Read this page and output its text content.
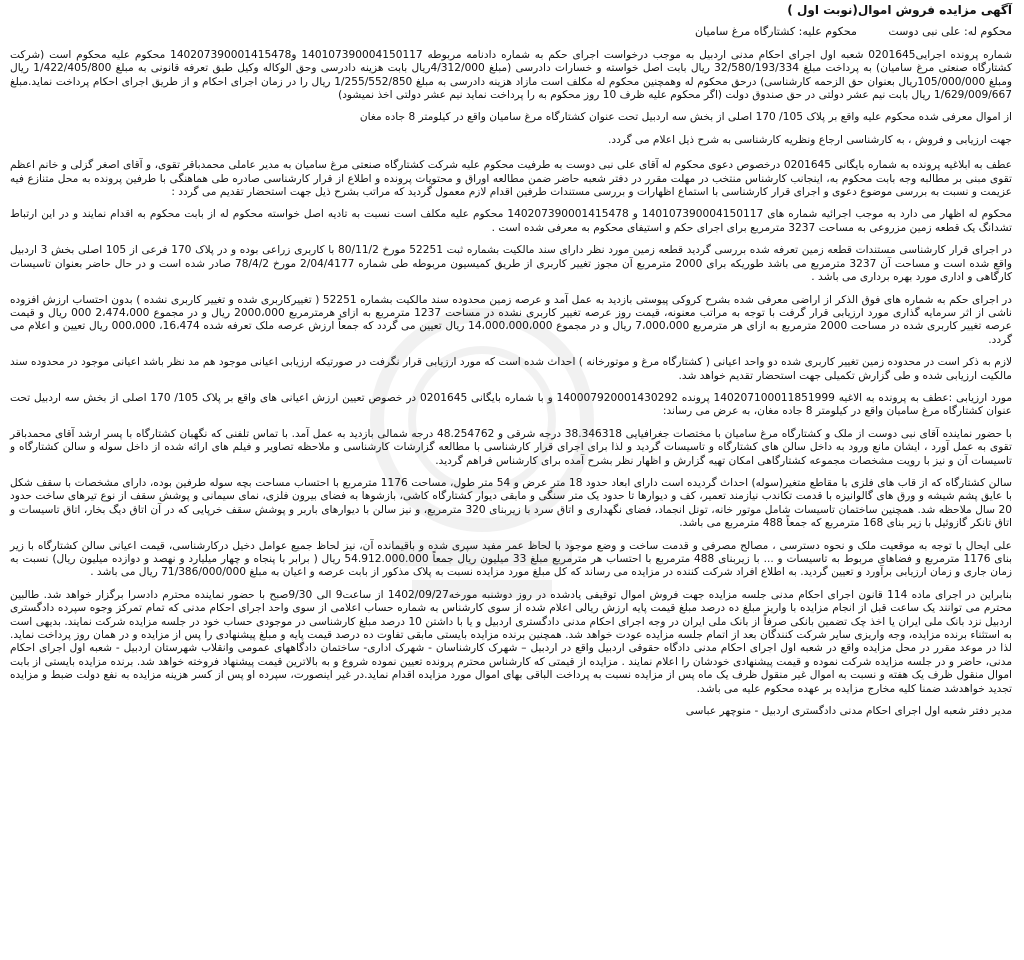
آگهی مزایده فروش اموال(نوبت اول )
محکوم له: علی نبی دوست محکوم علیه: کشتارگاه مرغ سامیان

شماره پرونده اجرایی0201645 شعبه اول اجرای احکام مدنی اردبیل به موجب درخواست اجرای حکم به شماره دادنامه مربوطه 140107390004150117 و140207390001415478 محکوم علیه محکوم است (شرکت کشتارگاه صنعتی مرغ سامیان) به پرداخت مبلغ 32/580/193/334 ریال بابت اصل خواسته و خسارات دادرسی (مبلغ 4/312/000ریال بابت هزینه دادرسی وحق الوکاله وکیل طبق تعرفه قانونی به مبلغ 1/422/405/800 ریال ومبلغ 105/000/000ریال بعنوان حق الزحمه کارشناسی) درحق محکوم له وهمچنین محکوم له مکلف است مازاد هزینه دادرسی به مبلغ 1/255/552/850 ریال را در زمان اجرای احکام و از طریق اجرای احکام پرداخت نماید.مبلغ 1/629/009/667 ریال بابت نیم عشر دولتی در حق صندوق دولت (اگر محکوم علیه ظرف 10 روز محکوم به را پرداخت نماید نیم عشر دولتی اخذ نمیشود)

از اموال معرفی شده محکوم علیه واقع بر پلاک 105/ 170 اصلی از بخش سه اردبیل تحت عنوان کشتارگاه مرغ سامیان واقع در کیلومتر 8 جاده مغان

جهت ارزیابی و فروش ، به کارشناسی ارجاع ونظریه کارشناسی به شرح ذیل اعلام می گردد.

عطف به ابلاغیه پرونده به شماره بایگانی 0201645 درخصوص دعوی محکوم له آقای علی نبی دوست به طرفیت محکوم علیه شرکت کشتارگاه صنعتی مرغ سامیان به مدیر عاملی محمدباقر تقوی، و آقای اصغر گزلی و خانم اعظم تقوی مبنی بر مطالبه وجه بابت محکوم به، اینجانب کارشناس منتخب در مهلت مقرر در دفتر شعبه حاضر ضمن مطالعه اوراق و محتویات پرونده و اطلاع از قرار کارشناسی صادره طی هماهنگی با طرفین پرونده به محل متنازع فیه عزیمت و نسبت به بررسی موضوع دعوی و اجرای قرار کارشناسی با استماع اظهارات و بررسی مستندات طرفین اقدام لازم معمول گردید که مراتب بشرح ذیل جهت استحضار تقدیم می گردد :

محکوم له اظهار می دارد به موجب اجرائیه شماره های 140107390004150117 و 140207390001415478 محکوم علیه مکلف است نسبت به تادیه اصل خواسته محکوم له از بابت محکوم به اقدام نمایند و در این ارتباط تشدانگ یک قطعه زمین مزروعی به مساحت 3237 مترمربع برای اجرای حکم و استیفای محکوم به معرفی شده است .

در اجرای قرار کارشناسی مستندات قطعه زمین تعرفه شده بررسی گردید قطعه زمین مورد نظر دارای سند مالکیت بشماره ثبت 52251 مورخ 80/11/2 با کاربری زراعی بوده و در پلاک 170 فرعی از 105 اصلی بخش 3 اردبیل واقع شده است و مساحت آن 3237 مترمربع می باشد طوریکه برای 2000 مترمربع آن مجوز تغییر کاربری از طریق کمیسیون مربوطه طی شماره 2/04/4177 مورخ 78/4/2 صادر شده است و در حال حاضر بعنوان تاسیسات کارگاهی و اداری مورد بهره برداری می باشد .

در اجرای حکم به شماره های فوق الذکر از اراضی معرفی شده بشرح کروکی پیوستی بازدید به عمل آمد و عرصه زمین محدوده سند مالکیت بشماره 52251 ( تغییرکاربری شده و تغییر کاربری نشده ) بدون احتساب ارزش افزوده ناشی از اثر سرمایه گذاری مورد ارزیابی قرار گرفت با توجه به مراتب معنونه، قیمت روز عرصه تغییر کاربری نشده در مساحت 1237 مترمربع به ازای هرمترمربع 2000،000 ریال و در مجموع 2،474،000 000 ریال و قیمت عرصه تغییر کاربری شده در مساحت 2000 مترمربع به ازای هر مترمربع 7،000،000 ریال و در مجموع 14،000،000،000 ریال تعیین می گردد که جمعاً ارزش عرصه ملک تعرفه شده 16،474، 000،000 ریال تعیین و اعلام می گردد.

لازم به ذکر است در محدوده زمین تغییر کاربری شده دو واحد اعیانی ( کشتارگاه مرغ و موتورخانه ) احداث شده است که مورد ارزیابی قرار نگرفت در صورتیکه ارزیابی اعیانی موجود هم مد نظر باشد اعیانی موجود در محدوده سند مالکیت ارزیابی شده و طی گزارش تکمیلی جهت استحضار تقدیم خواهد شد.

مورد ارزیابی :عطف به پرونده به الاغیه 140207100011851999 پرونده 140007920001430292 و با شماره بایگانی 0201645 در خصوص تعیین ارزش اعیانی های واقع بر پلاک 105/ 170 اصلی از بخش سه اردبیل تحت عنوان کشتارگاه مرغ سامیان واقع در کیلومتر 8 جاده مغان، به عرض می رساند:

با حضور نماینده آقای نبی دوست از ملک و کشتارگاه مرغ سامیان با مختصات جغرافیایی 38.346318 درجه شرقی و 48.254762 درجه شمالی بازدید به عمل آمد. با تماس تلفنی که نگهبان کشتارگاه با پسر ارشد آقای محمدباقر تقوی به عمل آورد ، ایشان مانع ورود به داخل سالن های کشتارگاه و تاسیسات گردید و لذا برای اجرای قرار کارشناسی با مطالعه گزارشات کارشناسی و ملاحظه تصاویر و فیلم های ارائه شده از داخل سوله و سالن کشتارگاه و تاسیسات آن و نیز با رویت مشخصات مجموعه کشتارگاهی امکان تهیه گزارش و اظهار نظر بشرح آمده برای کارشناس فراهم گردید.

سالن کشتارگاه که از قاب های فلزی با مقاطع متغیر(سوله) احداث گردیده است دارای ابعاد حدود 18 متر عرض و 54 متر طول، مساحت 1176 مترمربع با احتساب مساحت بچه سوله طرفین بوده، دارای مشخصات با سقف شکل با عایق پشم شیشه و ورق های گالوانیزه با قدمت تکاندب نیازمند تعمیر، کف و دیوارها تا حدود یک متر سنگی و مابقی دیوار کشتارگاه کاشی، بازشوها به فضای بیرون فلزی، نمای سیمانی و پوشش سقف از نوع تیرهای ساخت حدود 20 سال ملاحظه شد. همچنین ساختمان تاسیسات شامل موتور خانه، تونل انجماد، فضای نگهداری و اتاق سرد با زیربنای 320 مترمربع، و نیز سالن با دیوارهای باربر و پوشش سقف خرپایی که در آن اتاق دیگ بخار، اتاق تاسیسات و اتاق تانکر گازوئیل با زیر بنای 168 مترمربع که جمعاً 488 مترمربع می باشد.

علی ایحال با توجه به موقعیت ملک و نحوه دسترسی ، مصالح مصرفی و قدمت ساخت و وضع موجود با لحاظ عمر مفید سپری شده و باقیمانده آن، نیز لحاظ جمیع عوامل دخیل درکارشناسی، قیمت اعیانی سالن کشتارگاه با زیر بنای 1176 مترمربع و فضاهای مربوط به تاسیسات و ... با زیربنای 488 مترمربع با احتساب هر مترمربع مبلغ 33 میلیون ریال جمعاً 54.912.000.000 ریال ( برابر با پنجاه و چهار میلیارد و نهصد و دوازده میلیون ریال) نسبت به زمان جاری و زمان ارزیابی برآورد و تعیین گردید. به اطلاع افراد شرکت کننده در مزایده می رساند که کل مبلغ مورد مزایده نسبت به پلاک مذکور از بابت عرصه و اعیان به مبلغ 71/386/000/000 ریال می باشد .

بنابراین در اجرای ماده 114 قانون اجرای احکام مدنی جلسه مزایده جهت فروش اموال توقیفی یادشده در روز دوشنبه مورخه1402/09/27 از ساعت9 الی 9/30صبح با حضور نماینده محترم دادسرا برگزار خواهد شد. طالبین محترم می توانند یک ساعت قبل از انجام مزایده با واریز مبلغ ده درصد مبلغ قیمت پایه ارزش ریالی اعلام شده از سوی کارشناس به شماره حساب اعلامی از سوی واحد اجرای احکام مدنی که تمام تمرکز وجوه سپرده دادگستری اردبیل نزد بانک ملی ایران یا اخذ چک تضمین بانکی صرفاً از بانک ملی ایران در وجه اجرای احکام مدنی دادگستری اردبیل و یا با داشتن 10 درصد مبلغ کارشناسی در موجودی حساب خود در جلسه مزایده شرکت نمایند. بدیهی است به استثناء برنده مزایده، وجه واریزی سایر شرکت کنندگان بعد از اتمام جلسه مزایده عودت خواهد شد. همچنین برنده مزایده بایستی مابقی تفاوت ده درصد قیمت پایه و مبلغ پیشنهادی را پس از مزایده و در همان روز پرداخت نماید. لذا در موعد مقرر در محل مزایده واقع در شعبه اول اجرای احکام مدنی دادگاه حقوقی اردبیل واقع در اردبیل – شهرک کارشناسان - شهرک اداری- ساختمان دادگاههای عمومی وانقلاب شهرستان اردبیل - شعبه اول اجرای احکام مدنی، حاضر و در جلسه مزایده شرکت نموده و قیمت پیشنهادی خودشان را اعلام نمایند . مزایده از قیمتی که کارشناس محترم پرونده تعیین نموده شروع و به بالاترین قیمت پیشنهاد فروخته خواهد شد. برنده مزایده بایستی از بابت اموال منقول ظرف یک هفته و نسبت به اموال غیر منقول ظرف یک ماه پس از مزایده نسبت به پرداخت الباقی بهای اموال مورد مزایده اقدام نماید.در غیر اینصورت، سپرده او پس از کسر هزینه مزایده به نفع دولت ضبط و مزایده تجدید خواهدشد ضمنا کلیه مخارج مزایده بر عهده محکوم علیه می باشد.

مدیر دفتر شعبه اول اجرای احکام مدنی دادگستری اردبیل - منوچهر عباسی
